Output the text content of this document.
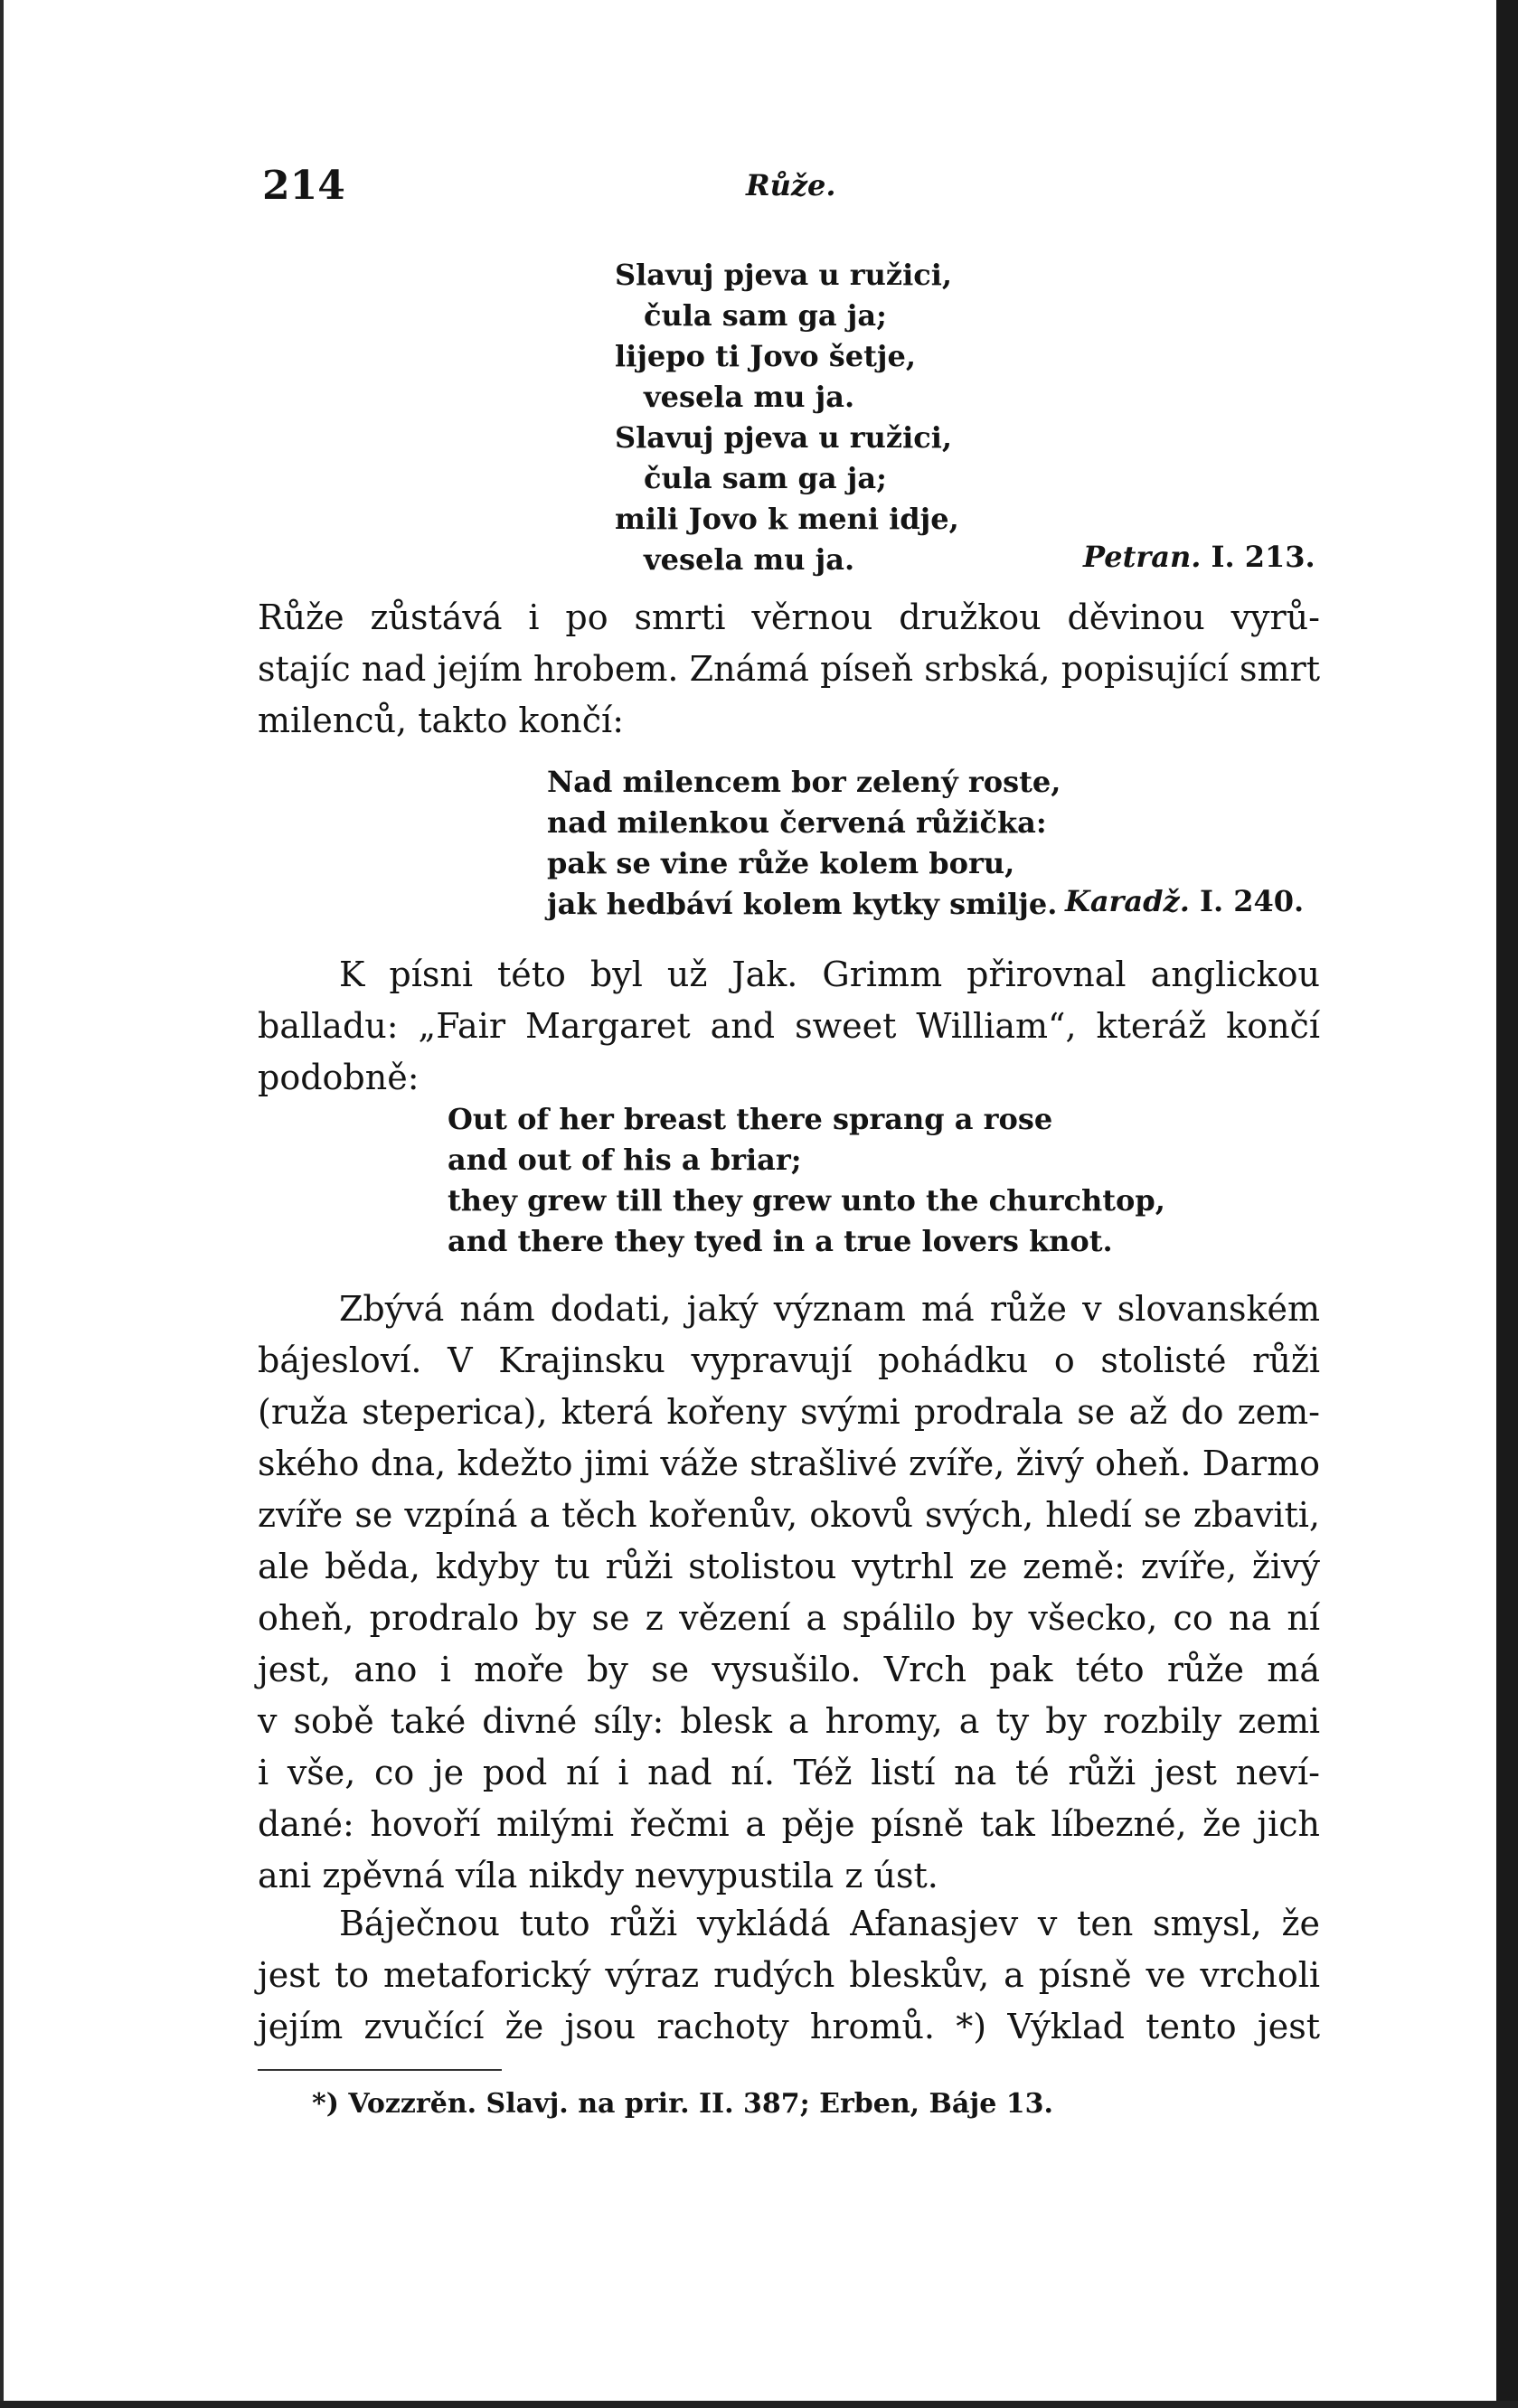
214	Růže.
Slavuj pjeva u ružici,
čula sam ga ja;
lijepo ti Jovo šetje,
vesela mu ja.
Slavuj pjeva u ružici,
čula sam ga ja;
mili Jovo k meni idje,
vesela mu ja.	Petran. I. 213.
Růže zůstává i po smrti věrnou družkou děvinou vyrů-
stajíc nad jejím hrobem. Známá píseň srbská, popisující smrt
milenců, takto končí:
Nad milencem bor zelený roste,
nad milenkou červená růžička:
pak se vine růže kolem boru,
jak hedbáví kolem kytky smilje. Karadž. I. 240.
K písni této byl už Jak. Grimm přirovnal anglickou
balladu: „Fair Margaret and sweet William“, kteráž končí
podobně:
Out of her breast there sprang a rose
and out of his a briar;
they grew till they grew unto the churchtop,
and there they tyed in a true lovers knot.
Zbývá nám dodati, jaký význam má růže v slovanském
bájesloví. V Krajinsku vypravují pohádku o stolisté růži
(ruža steperica), která kořeny svými prodrala se až do zem-
ského dna, kdežto jimi váže strašlivé zvíře, živý oheň. Darmo
zvíře se vzpíná a těch kořenův, okovů svých, hledí se zbaviti,
ale běda, kdyby tu růži stolistou vytrhl ze země: zvíře, živý
oheň, prodralo by se z vězení a spálilo by všecko, co na ní
jest, ano i moře by se vysušilo. Vrch pak této růže má
v sobě také divné síly: blesk a hromy, a ty by rozbily zemi
i vše, co je pod ní i nad ní. Též listí na té růži jest neví-
dané: hovoří milými řečmi a pěje písně tak líbezné, že jich
ani zpěvná víla nikdy nevypustila z úst.
Báječnou tuto růži vykládá Afanasjev v ten smysl, že
jest to metaforický výraz rudých bleskův, a písně ve vrcholi
jejím zvučící že jsou rachoty hromů. *) Výklad tento jest
*) Vozzrěn. Slavj. na prir. II. 387; Erben, Báje 13.
